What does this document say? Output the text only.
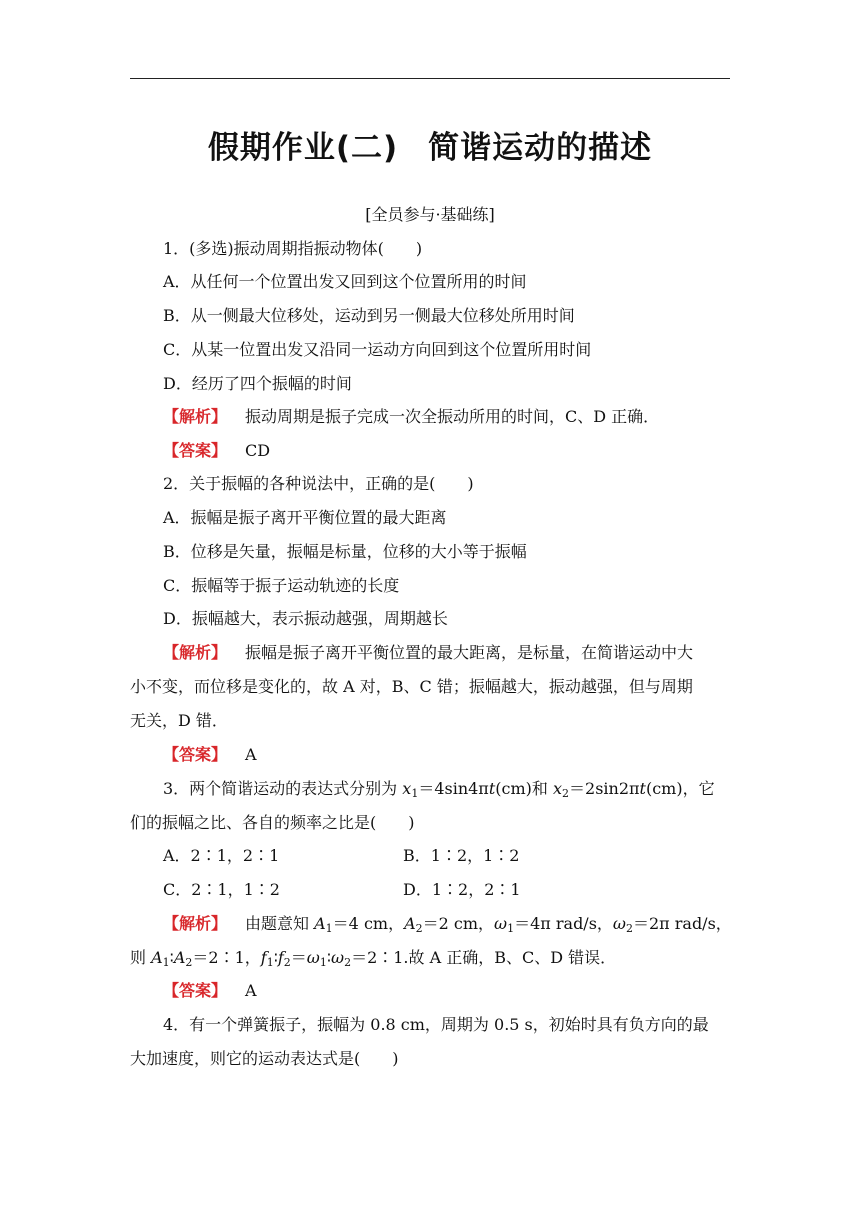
假期作业(二) 简谐运动的描述
[全员参与·基础练]
1．(多选)振动周期指振动物体(　　)
A．从任何一个位置出发又回到这个位置所用的时间
B．从一侧最大位移处，运动到另一侧最大位移处所用时间
C．从某一位置出发又沿同一运动方向回到这个位置所用时间
D．经历了四个振幅的时间
【解析】 振动周期是振子完成一次全振动所用的时间，C、D 正确．
【答案】 CD
2．关于振幅的各种说法中，正确的是(　　)
A．振幅是振子离开平衡位置的最大距离
B．位移是矢量，振幅是标量，位移的大小等于振幅
C．振幅等于振子运动轨迹的长度
D．振幅越大，表示振动越强，周期越长
【解析】 振幅是振子离开平衡位置的最大距离，是标量，在简谐运动中大
小不变，而位移是变化的，故 A 对，B、C 错；振幅越大，振动越强，但与周期
无关，D 错．
【答案】 A
3．两个简谐运动的表达式分别为 $x_1=4\sin 4\pi t(cm)$和 $x_2=2\sin 2\pi t(cm)$，它
们的振幅之比、各自的频率之比是(　　)
A．2∶1，2∶1	B．1∶2，1∶2
C．2∶1，1∶2	D．1∶2，2∶1
【解析】 由题意知 $A_1=4$ cm，$A_2=2$ cm，$\omega_1=4\pi$ rad/s，$\omega_2=2\pi$ rad/s，
则 $A_1∶A_2=2∶1$，$f_1∶f_2=\omega_1∶\omega_2=2∶1$.故 A 正确，B、C、D 错误．
【答案】 A
4．有一个弹簧振子，振幅为 0.8 cm，周期为 0.5 s，初始时具有负方向的最
大加速度，则它的运动表达式是(　　)
